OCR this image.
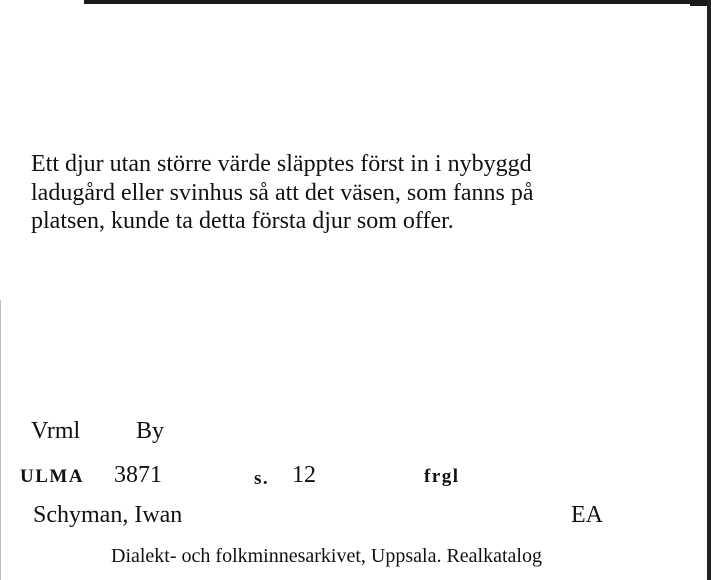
Ett djur utan större värde släpptes först in i nybyggd
ladugård eller svinhus så att det väsen, som fanns på
platsen, kunde ta detta första djur som offer.

Vrml By
ULMA 3871	s. 12	frgl
Schyman, Iwan	EA
Dialekt- och folkminnesarkivet, Uppsala. Realkatalog
